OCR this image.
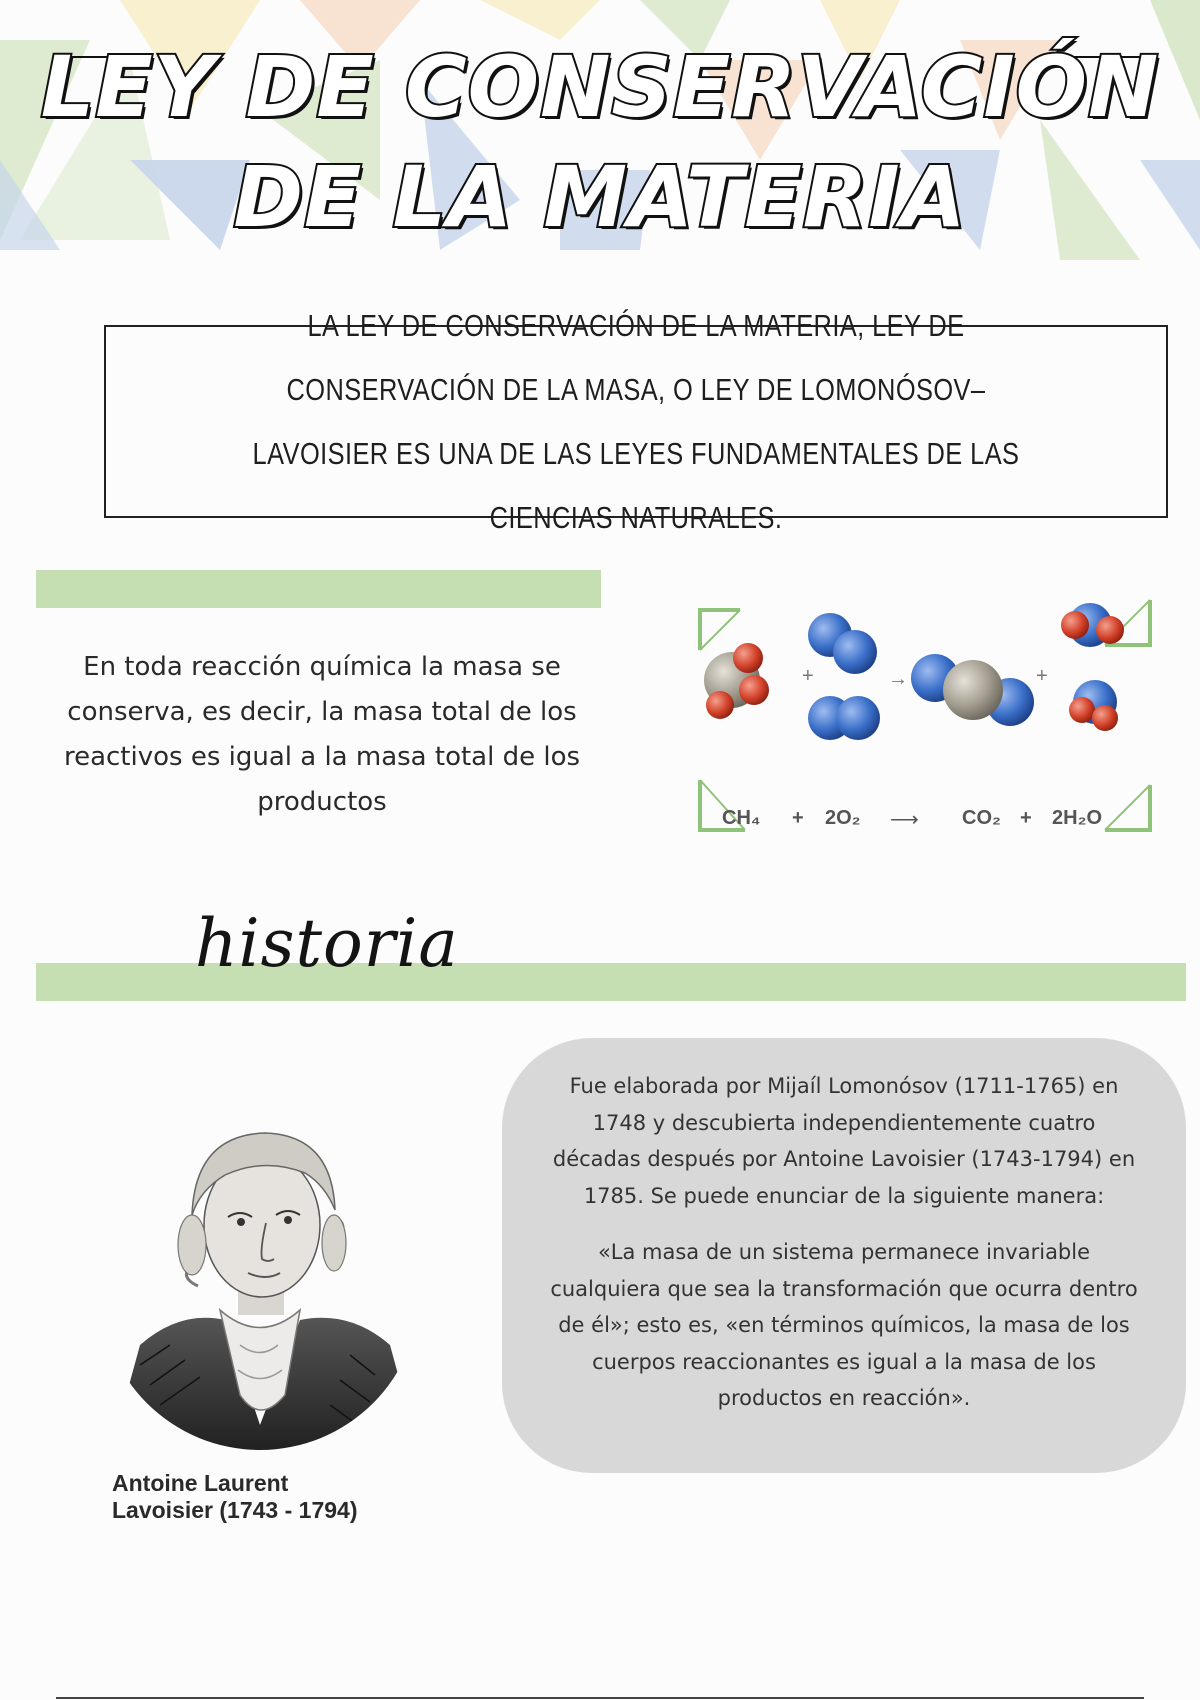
LEY DE CONSERVACIÓN
DE LA MATERIA
LA LEY DE CONSERVACIÓN DE LA MATERIA, LEY DE CONSERVACIÓN DE LA MASA, O LEY DE LOMONÓSOV–LAVOISIER ES UNA DE LAS LEYES FUNDAMENTALES DE LAS CIENCIAS NATURALES.
En toda reacción química la masa se conserva, es decir, la masa total de los reactivos es igual a la masa total de los productos
+	→	+
CH₄ + 2O₂ ⟶ CO₂ + 2H₂O
historia
Antoine Laurent
Lavoisier (1743 - 1794)

Fue elaborada por Mijaíl Lomonósov (1711-1765) en 1748 y descubierta independientemente cuatro décadas después por Antoine Lavoisier (1743-1794) en 1785. Se puede enunciar de la siguiente manera:

«La masa de un sistema permanece invariable cualquiera que sea la transformación que ocurra dentro de él»; esto es, «en términos químicos, la masa de los cuerpos reaccionantes es igual a la masa de los productos en reacción».
